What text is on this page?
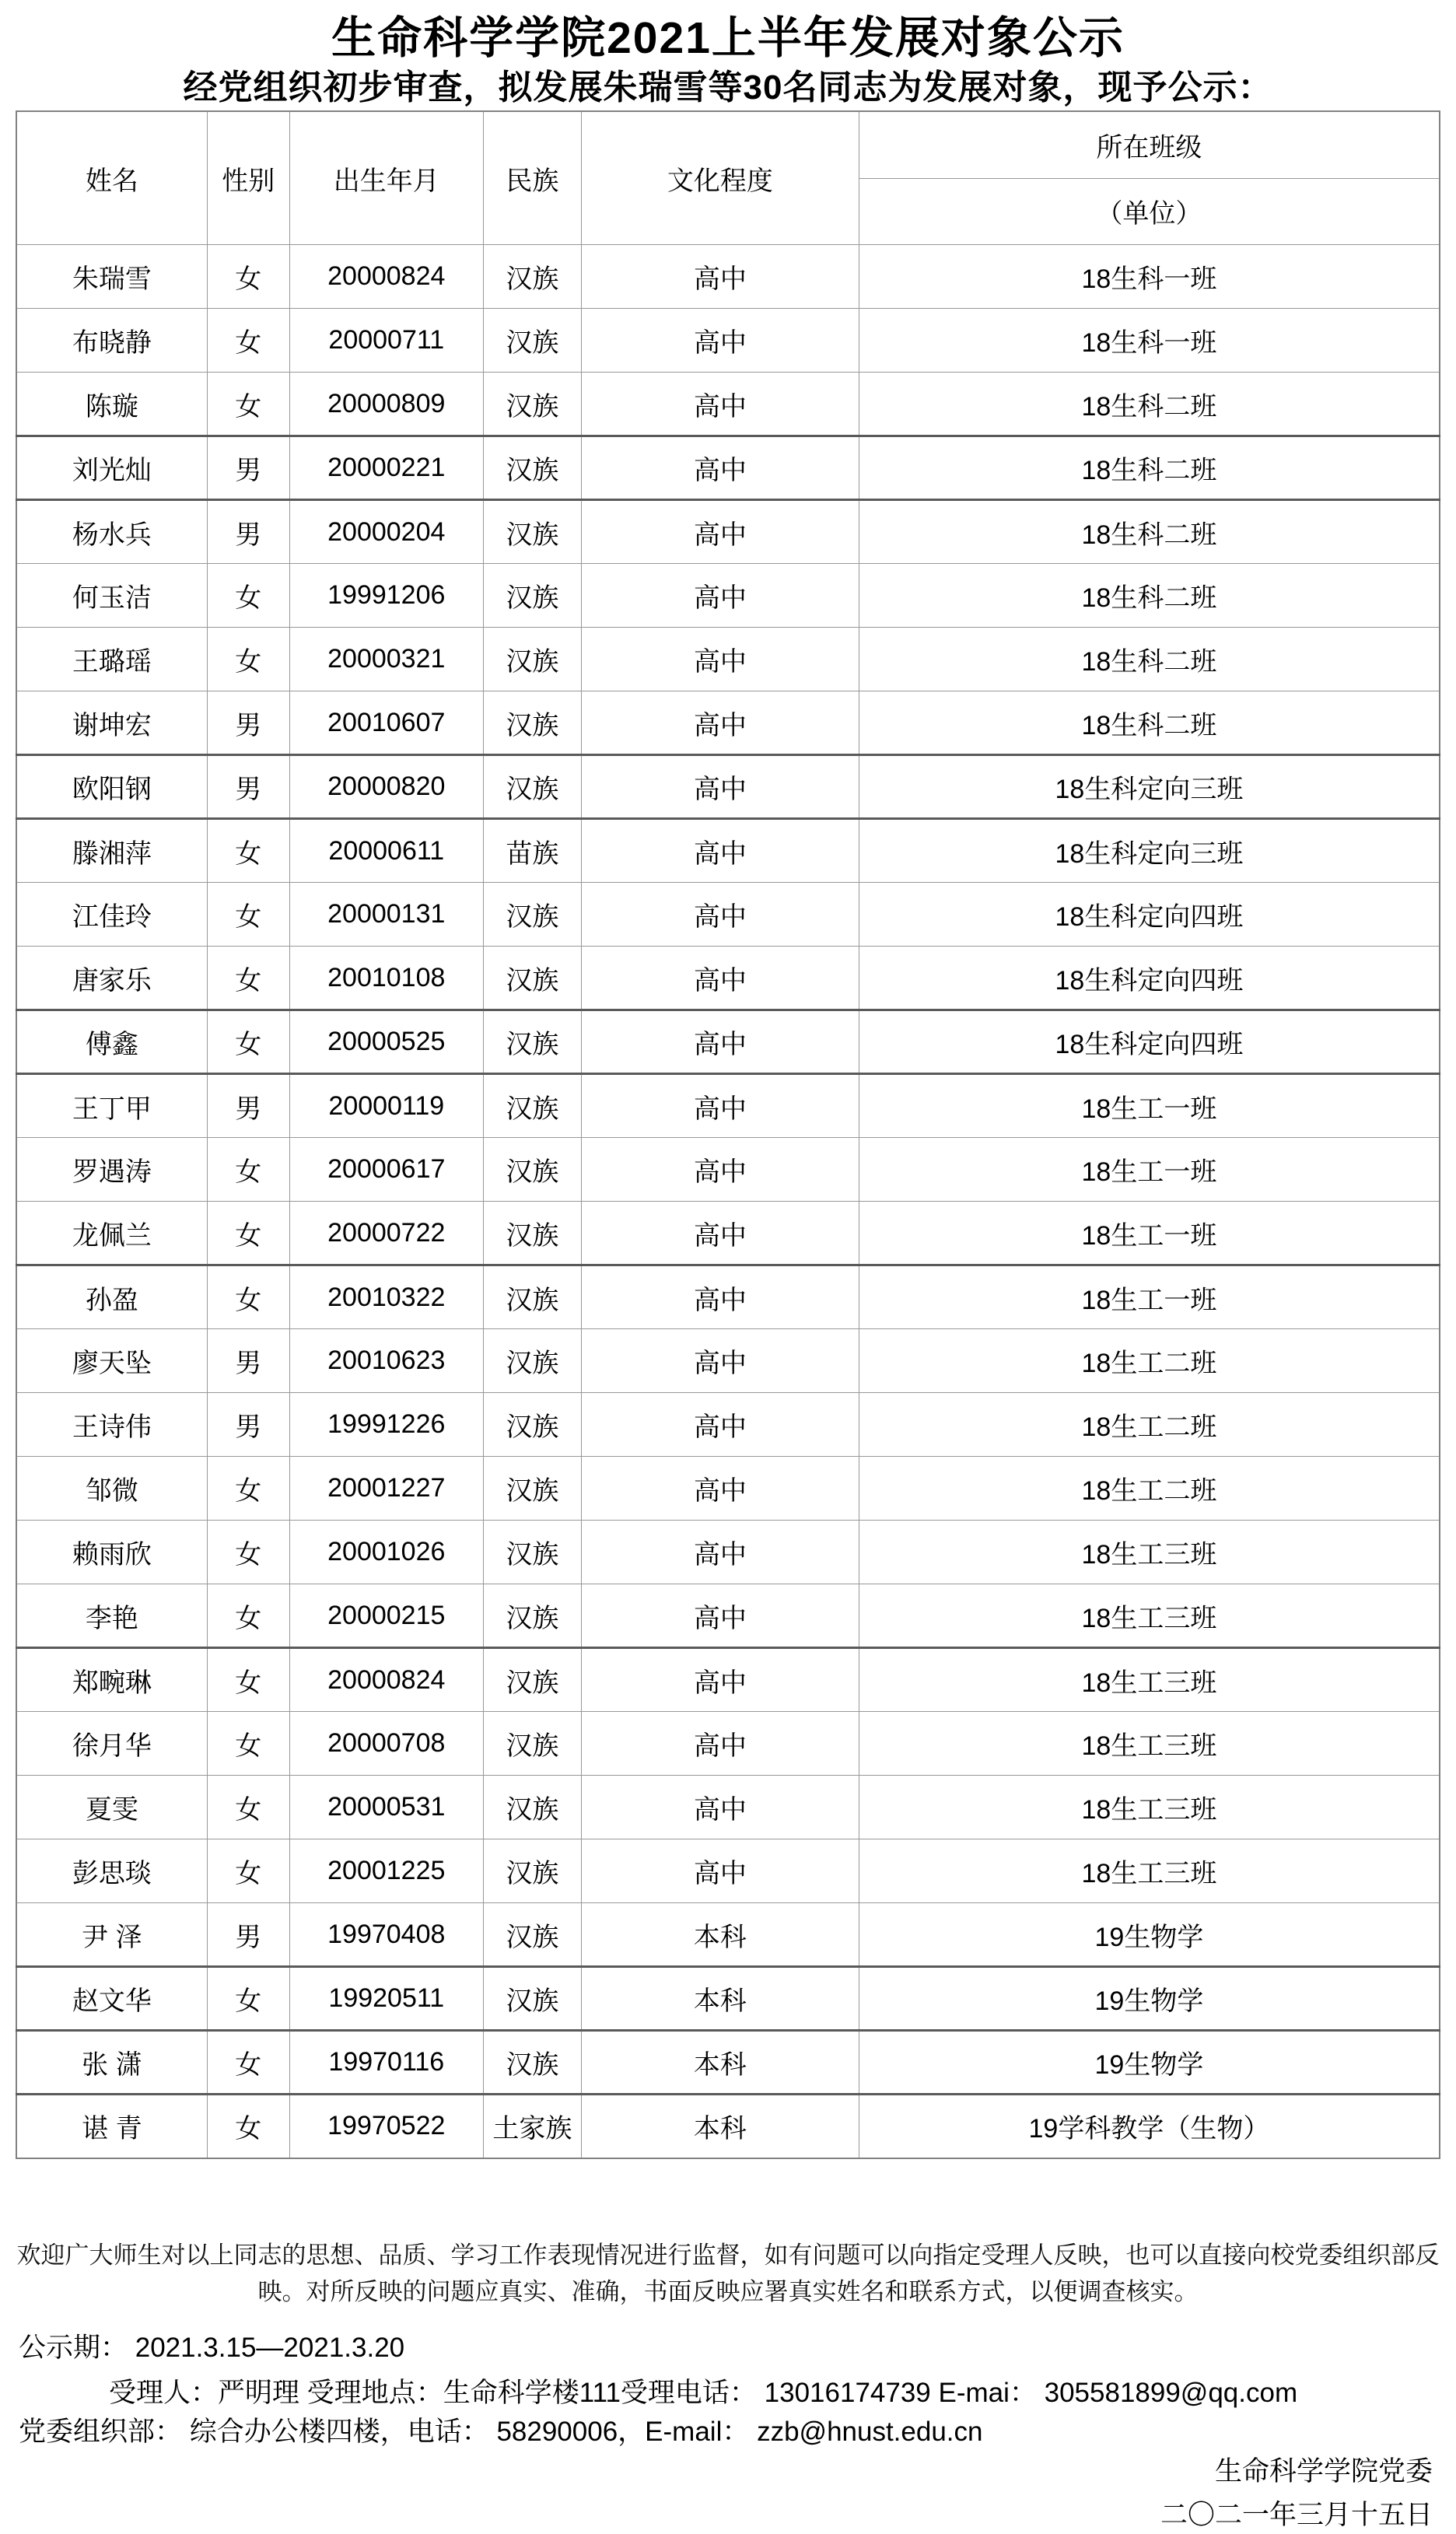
生命科学学院2021上半年发展对象公示
经党组织初步审查，拟发展朱瑞雪等30名同志为发展对象，现予公示：
姓名	性别	出生年月	民族	文化程度	所在班级
					（单位）
朱瑞雪	女	20000824	汉族	高中	18生科一班
布晓静	女	20000711	汉族	高中	18生科一班
陈璇	女	20000809	汉族	高中	18生科二班
刘光灿	男	20000221	汉族	高中	18生科二班
杨水兵	男	20000204	汉族	高中	18生科二班
何玉洁	女	19991206	汉族	高中	18生科二班
王璐瑶	女	20000321	汉族	高中	18生科二班
谢坤宏	男	20010607	汉族	高中	18生科二班
欧阳钢	男	20000820	汉族	高中	18生科定向三班
滕湘萍	女	20000611	苗族	高中	18生科定向三班
江佳玲	女	20000131	汉族	高中	18生科定向四班
唐家乐	女	20010108	汉族	高中	18生科定向四班
傅鑫	女	20000525	汉族	高中	18生科定向四班
王丁甲	男	20000119	汉族	高中	18生工一班
罗遇涛	女	20000617	汉族	高中	18生工一班
龙佩兰	女	20000722	汉族	高中	18生工一班
孙盈	女	20010322	汉族	高中	18生工一班
廖天坠	男	20010623	汉族	高中	18生工二班
王诗伟	男	19991226	汉族	高中	18生工二班
邹微	女	20001227	汉族	高中	18生工二班
赖雨欣	女	20001026	汉族	高中	18生工三班
李艳	女	20000215	汉族	高中	18生工三班
郑畹琳	女	20000824	汉族	高中	18生工三班
徐月华	女	20000708	汉族	高中	18生工三班
夏雯	女	20000531	汉族	高中	18生工三班
彭思琰	女	20001225	汉族	高中	18生工三班
尹 泽	男	19970408	汉族	本科	19生物学
赵文华	女	19920511	汉族	本科	19生物学
张 潇	女	19970116	汉族	本科	19生物学
谌 青	女	19970522	土家族	本科	19学科教学（生物）
欢迎广大师生对以上同志的思想、品质、学习工作表现情况进行监督，如有问题可以向指定受理人反映，也可以直接向校党委组织部反
映。对所反映的问题应真实、准确，书面反映应署真实姓名和联系方式，以便调查核实。
公示期： 2021.3.15—2021.3.20
受理人：严明理 受理地点：生命科学楼111受理电话： 13016174739 E-mai： 305581899@qq.com
党委组织部： 综合办公楼四楼，电话： 58290006，E-mail： zzb@hnust.edu.cn
生命科学学院党委
二〇二一年三月十五日
